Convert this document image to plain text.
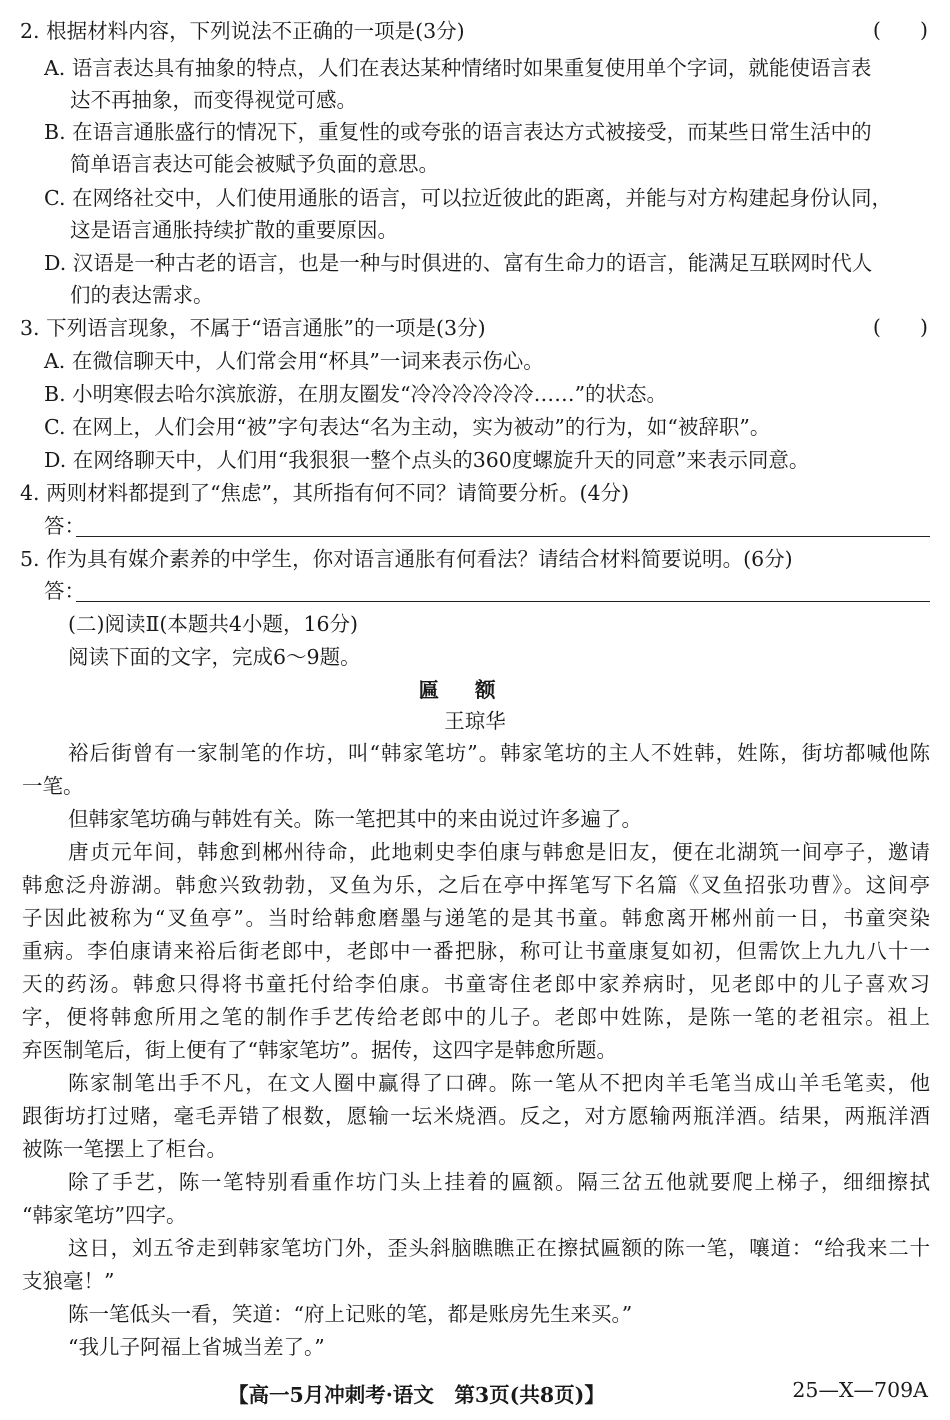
2. 根据材料内容，下列说法不正确的一项是(3分)	(      )
A. 语言表达具有抽象的特点，人们在表达某种情绪时如果重复使用单个字词，就能使语言表
达不再抽象，而变得视觉可感。
B. 在语言通胀盛行的情况下，重复性的或夸张的语言表达方式被接受，而某些日常生活中的
简单语言表达可能会被赋予负面的意思。
C. 在网络社交中，人们使用通胀的语言，可以拉近彼此的距离，并能与对方构建起身份认同，
这是语言通胀持续扩散的重要原因。
D. 汉语是一种古老的语言，也是一种与时俱进的、富有生命力的语言，能满足互联网时代人
们的表达需求。
3. 下列语言现象，不属于“语言通胀”的一项是(3分)	(      )
A. 在微信聊天中，人们常会用“杯具”一词来表示伤心。
B. 小明寒假去哈尔滨旅游，在朋友圈发“冷冷冷冷冷冷……”的状态。
C. 在网上，人们会用“被”字句表达“名为主动，实为被动”的行为，如“被辞职”。
D. 在网络聊天中，人们用“我狠狠一整个点头的360度螺旋升天的同意”来表示同意。
4. 两则材料都提到了“焦虑”，其所指有何不同？请简要分析。(4分)
答：
5. 作为具有媒介素养的中学生，你对语言通胀有何看法？请结合材料简要说明。(6分)
答：
(二)阅读Ⅱ(本题共4小题，16分)
阅读下面的文字，完成6～9题。
匾额
王琼华
裕后街曾有一家制笔的作坊，叫“韩家笔坊”。韩家笔坊的主人不姓韩，姓陈，街坊都喊他陈
一笔。
但韩家笔坊确与韩姓有关。陈一笔把其中的来由说过许多遍了。
唐贞元年间，韩愈到郴州待命，此地刺史李伯康与韩愈是旧友，便在北湖筑一间亭子，邀请
韩愈泛舟游湖。韩愈兴致勃勃，叉鱼为乐，之后在亭中挥笔写下名篇《叉鱼招张功曹》。这间亭
子因此被称为“叉鱼亭”。当时给韩愈磨墨与递笔的是其书童。韩愈离开郴州前一日，书童突染
重病。李伯康请来裕后街老郎中，老郎中一番把脉，称可让书童康复如初，但需饮上九九八十一
天的药汤。韩愈只得将书童托付给李伯康。书童寄住老郎中家养病时，见老郎中的儿子喜欢习
字，便将韩愈所用之笔的制作手艺传给老郎中的儿子。老郎中姓陈，是陈一笔的老祖宗。祖上
弃医制笔后，街上便有了“韩家笔坊”。据传，这四字是韩愈所题。
陈家制笔出手不凡，在文人圈中赢得了口碑。陈一笔从不把肉羊毛笔当成山羊毛笔卖，他
跟街坊打过赌，毫毛弄错了根数，愿输一坛米烧酒。反之，对方愿输两瓶洋酒。结果，两瓶洋酒
被陈一笔摆上了柜台。
除了手艺，陈一笔特别看重作坊门头上挂着的匾额。隔三岔五他就要爬上梯子，细细擦拭
“韩家笔坊”四字。
这日，刘五爷走到韩家笔坊门外，歪头斜脑瞧瞧正在擦拭匾额的陈一笔，嚷道：“给我来二十
支狼毫！”
陈一笔低头一看，笑道：“府上记账的笔，都是账房先生来买。”
“我儿子阿福上省城当差了。”
【高一5月冲刺考·语文　第3页(共8页)】	25—X—709A
